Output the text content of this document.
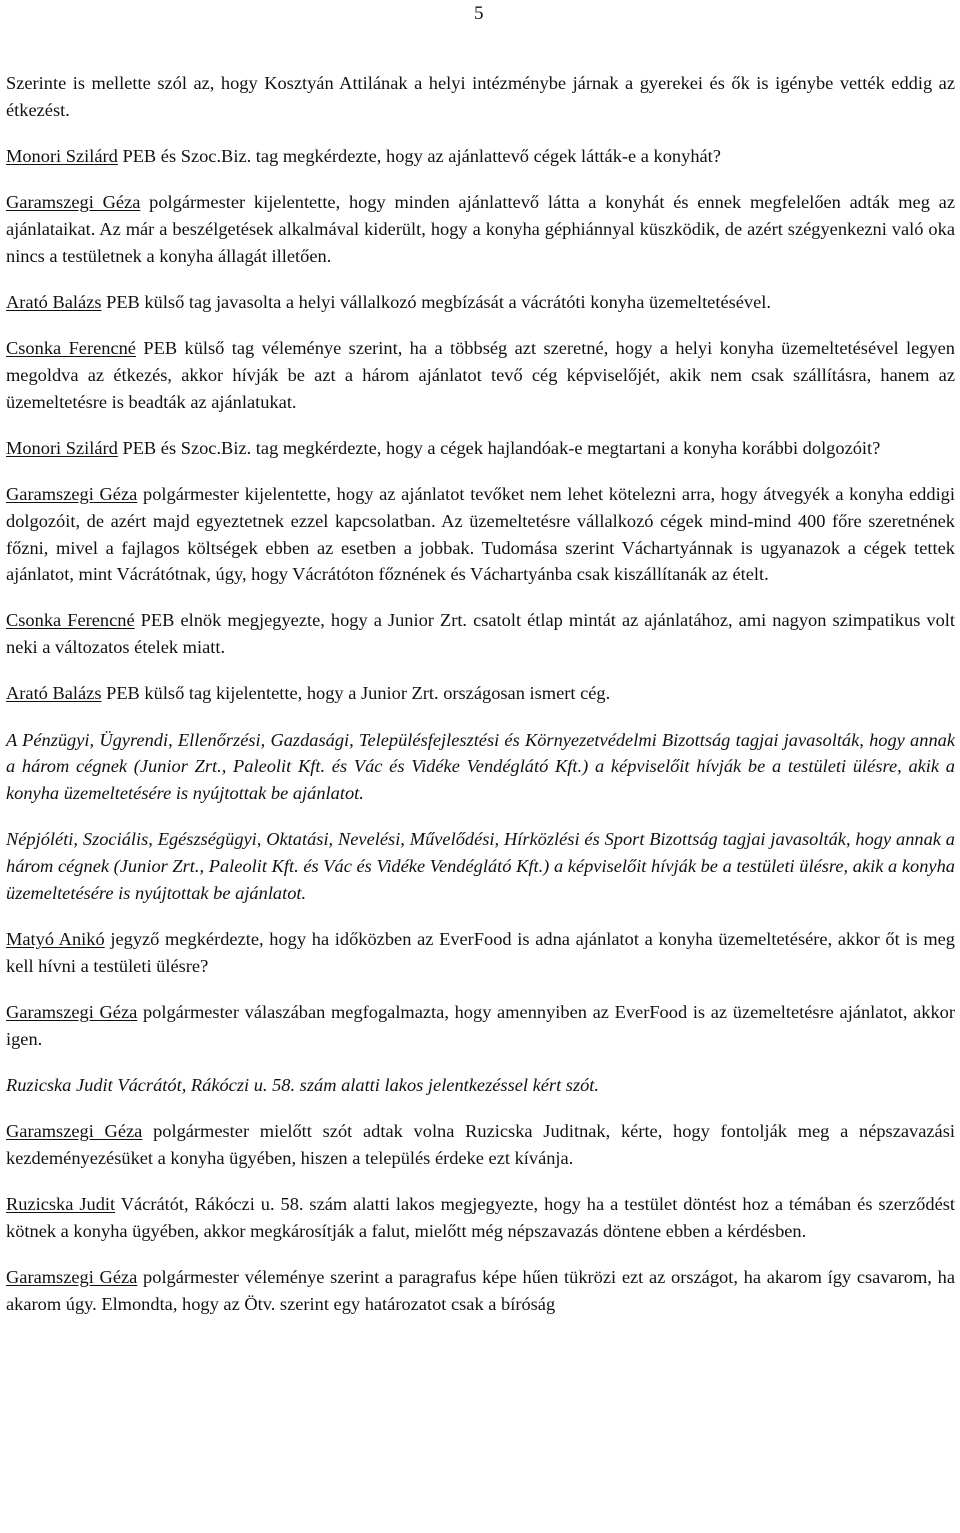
5

Szerinte is mellette szól az, hogy Kosztyán Attilának a helyi intézménybe járnak a gyerekei és ők is igénybe vették eddig az étkezést.

Monori Szilárd PEB és Szoc.Biz. tag megkérdezte, hogy az ajánlattevő cégek látták-e a konyhát?

Garamszegi Géza polgármester kijelentette, hogy minden ajánlattevő látta a konyhát és ennek megfelelően adták meg az ajánlataikat. Az már a beszélgetések alkalmával kiderült, hogy a konyha géphiánnyal küszködik, de azért szégyenkezni való oka nincs a testületnek a konyha állagát illetően.

Arató Balázs PEB külső tag javasolta a helyi vállalkozó megbízását a vácrátóti konyha üzemeltetésével.

Csonka Ferencné PEB külső tag véleménye szerint, ha a többség azt szeretné, hogy a helyi konyha üzemeltetésével legyen megoldva az étkezés, akkor hívják be azt a három ajánlatot tevő cég képviselőjét, akik nem csak szállításra, hanem az üzemeltetésre is beadták az ajánlatukat.

Monori Szilárd PEB és Szoc.Biz. tag megkérdezte, hogy a cégek hajlandóak-e megtartani a konyha korábbi dolgozóit?

Garamszegi Géza polgármester kijelentette, hogy az ajánlatot tevőket nem lehet kötelezni arra, hogy átvegyék a konyha eddigi dolgozóit, de azért majd egyeztetnek ezzel kapcsolatban. Az üzemeltetésre vállalkozó cégek mind-mind 400 főre szeretnének főzni, mivel a fajlagos költségek ebben az esetben a jobbak. Tudomása szerint Váchartyánnak is ugyanazok a cégek tettek ajánlatot, mint Vácrátótnak, úgy, hogy Vácrátóton főznének és Váchartyánba csak kiszállítanák az ételt.

Csonka Ferencné PEB elnök megjegyezte, hogy a Junior Zrt. csatolt étlap mintát az ajánlatához, ami nagyon szimpatikus volt neki a változatos ételek miatt.

Arató Balázs PEB külső tag kijelentette, hogy a Junior Zrt. országosan ismert cég.

A Pénzügyi, Ügyrendi, Ellenőrzési, Gazdasági, Településfejlesztési és Környezetvédelmi Bizottság tagjai javasolták, hogy annak a három cégnek (Junior Zrt., Paleolit Kft. és Vác és Vidéke Vendéglátó Kft.) a képviselőit hívják be a testületi ülésre, akik a konyha üzemeltetésére is nyújtottak be ajánlatot.

Népjóléti, Szociális, Egészségügyi, Oktatási, Nevelési, Művelődési, Hírközlési és Sport Bizottság tagjai javasolták, hogy annak a három cégnek (Junior Zrt., Paleolit Kft. és Vác és Vidéke Vendéglátó Kft.) a képviselőit hívják be a testületi ülésre, akik a konyha üzemeltetésére is nyújtottak be ajánlatot.

Matyó Anikó jegyző megkérdezte, hogy ha időközben az EverFood is adna ajánlatot a konyha üzemeltetésére, akkor őt is meg kell hívni a testületi ülésre?

Garamszegi Géza polgármester válaszában megfogalmazta, hogy amennyiben az EverFood is az üzemeltetésre ajánlatot, akkor igen.

Ruzicska Judit Vácrátót, Rákóczi u. 58. szám alatti lakos jelentkezéssel kért szót.

Garamszegi Géza polgármester mielőtt szót adtak volna Ruzicska Juditnak, kérte, hogy fontolják meg a népszavazási kezdeményezésüket a konyha ügyében, hiszen a település érdeke ezt kívánja.

Ruzicska Judit Vácrátót, Rákóczi u. 58. szám alatti lakos megjegyezte, hogy ha a testület döntést hoz a témában és szerződést kötnek a konyha ügyében, akkor megkárosítják a falut, mielőtt még népszavazás döntene ebben a kérdésben.

Garamszegi Géza polgármester véleménye szerint a paragrafus képe hűen tükrözi ezt az országot, ha akarom így csavarom, ha akarom úgy. Elmondta, hogy az Ötv. szerint egy határozatot csak a bíróság
